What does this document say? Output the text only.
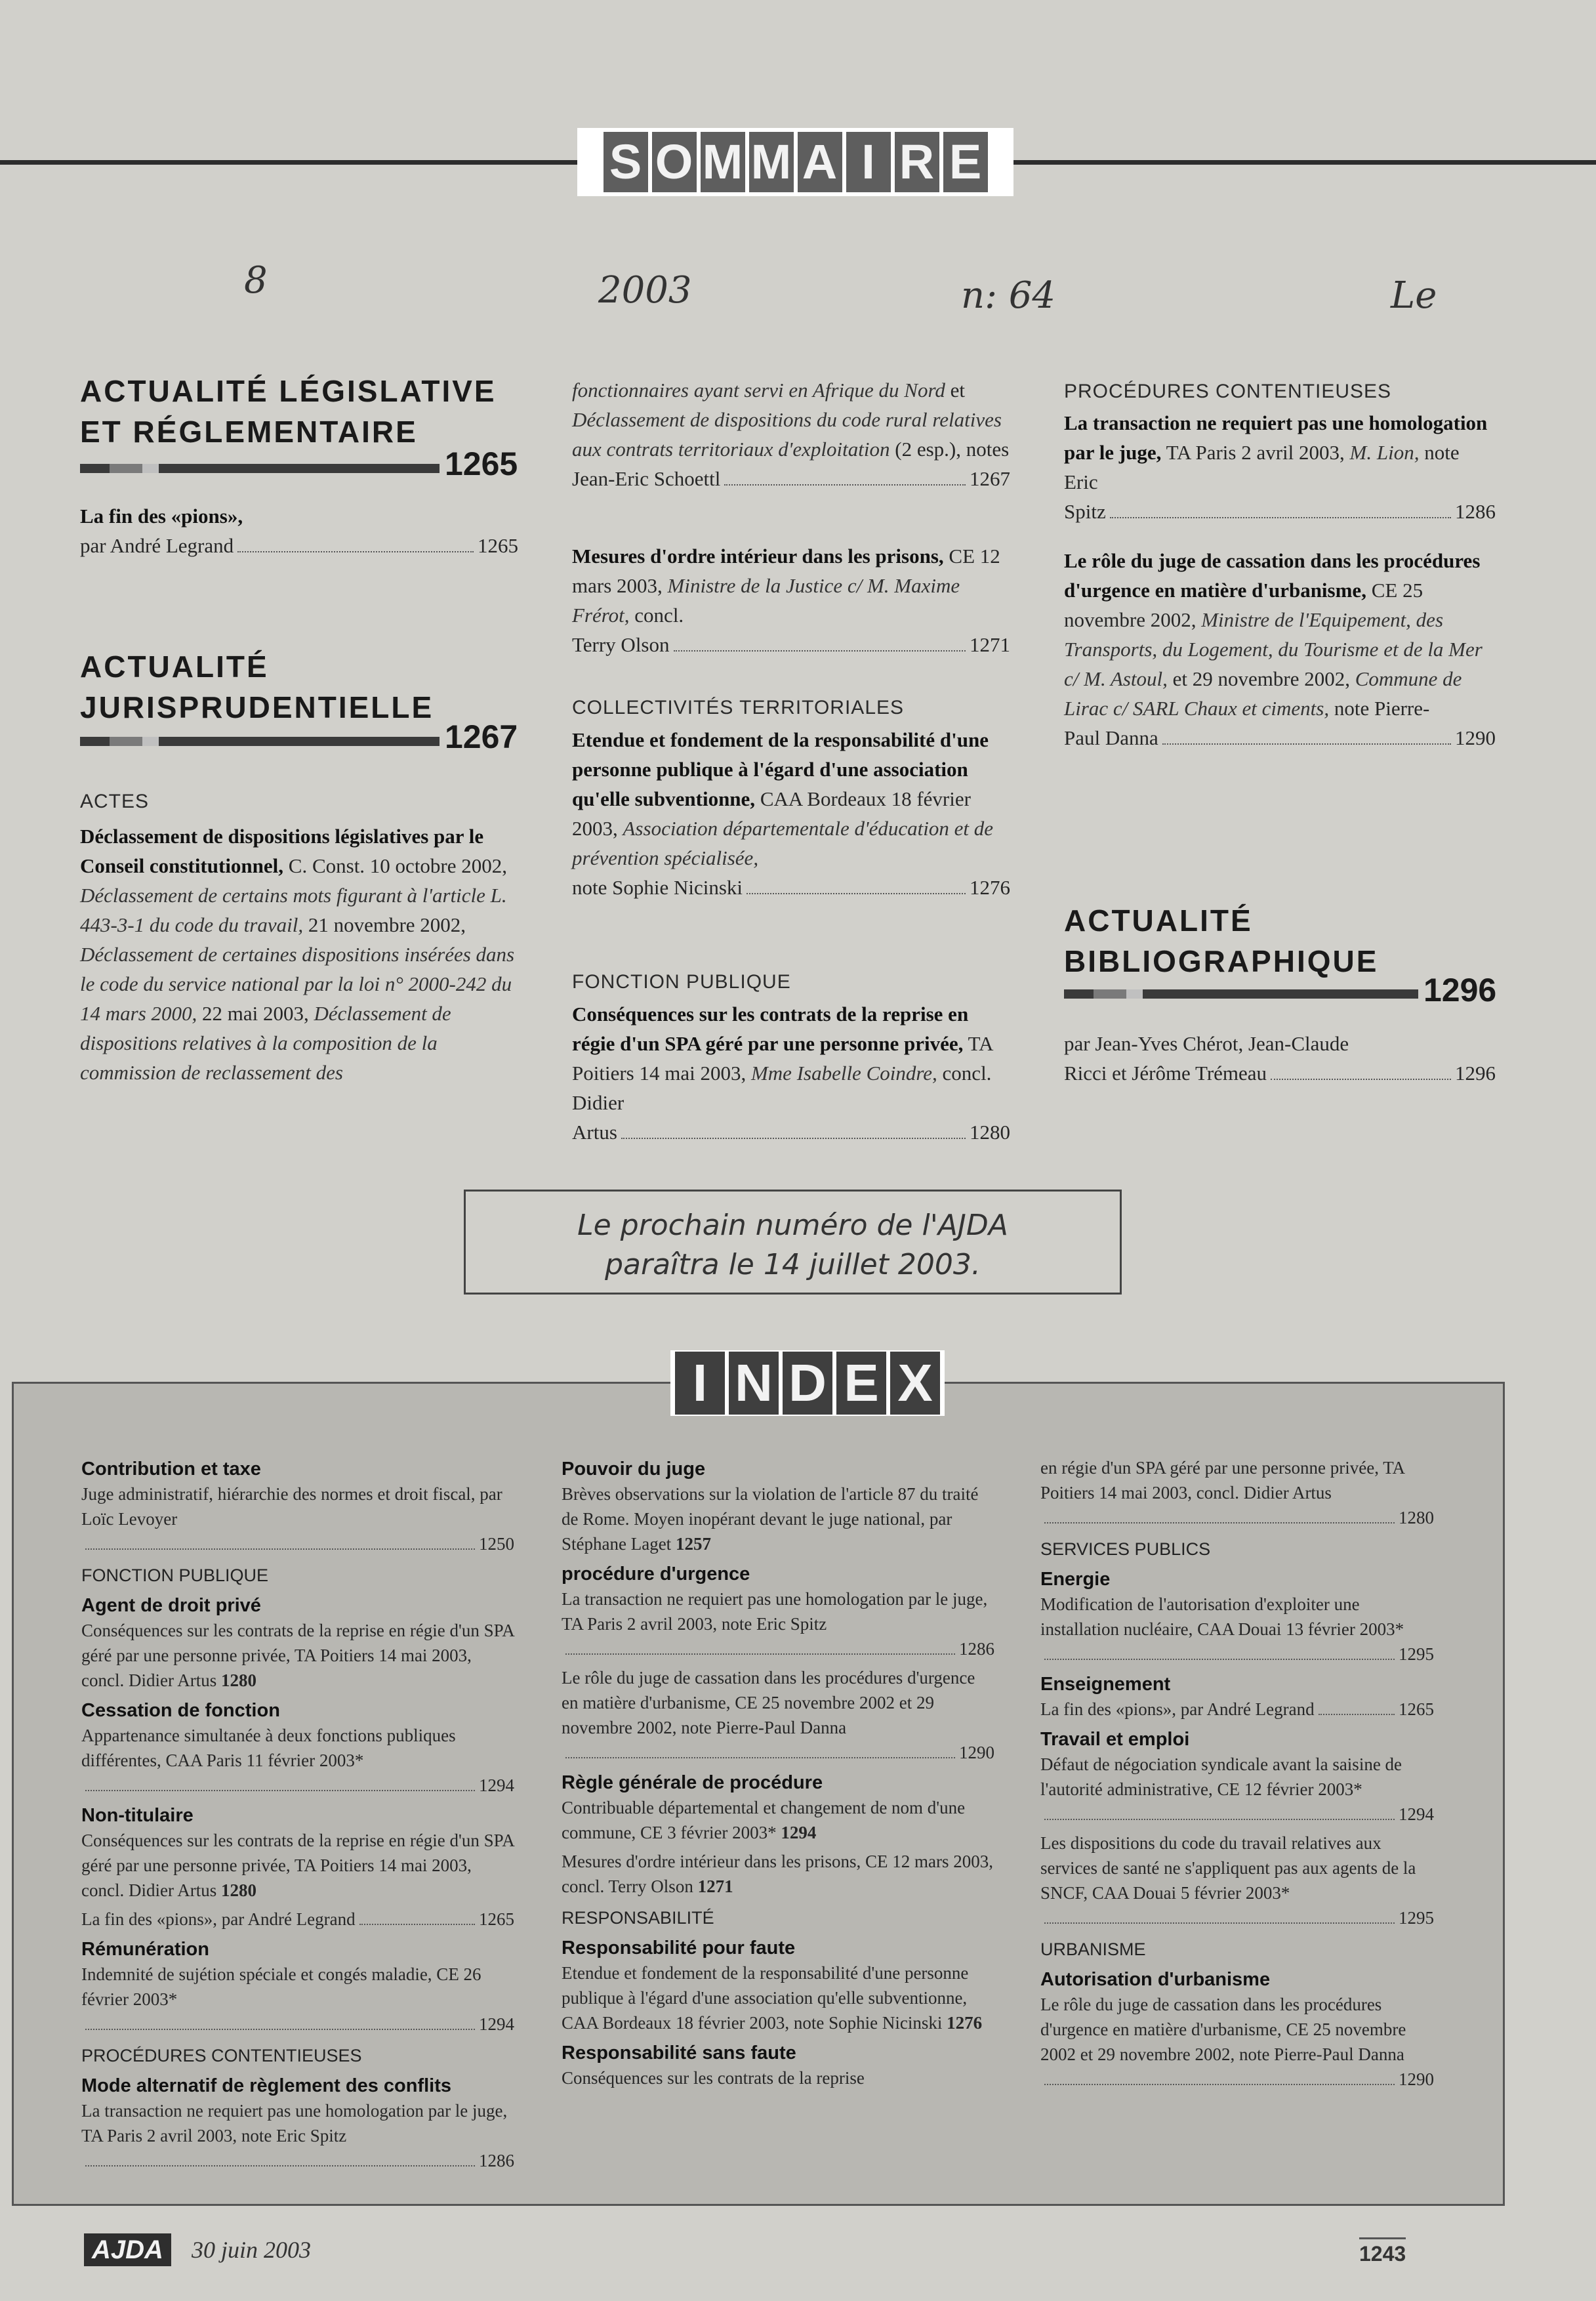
S O M M A I R E
8	2003	n: 64	Le
ACTUALITÉ LÉGISLATIVE
ET RÉGLEMENTAIRE
1265
La fin des «pions»,
par André Legrand	1265
ACTUALITÉ
JURISPRUDENTIELLE
1267
ACTES
Déclassement de dispositions législatives par le Conseil constitutionnel, C. Const. 10 octobre 2002, Déclassement de certains mots figurant à l'article L. 443-3-1 du code du travail, 21 novembre 2002, Déclassement de certaines dispositions insérées dans le code du service national par la loi n° 2000-242 du 14 mars 2000, 22 mai 2003, Déclassement de dispositions relatives à la composition de la commission de reclassement des
fonctionnaires ayant servi en Afrique du Nord et Déclassement de dispositions du code rural relatives aux contrats territoriaux d'exploitation (2 esp.), notes
Jean-Eric Schoettl	1267
Mesures d'ordre intérieur dans les prisons, CE 12 mars 2003, Ministre de la Justice c/ M. Maxime Frérot, concl.
Terry Olson	1271
COLLECTIVITÉS TERRITORIALES
Etendue et fondement de la responsabilité d'une personne publique à l'égard d'une association qu'elle subventionne, CAA Bordeaux 18 février 2003, Association départementale d'éducation et de prévention spécialisée,
note Sophie Nicinski	1276
FONCTION PUBLIQUE
Conséquences sur les contrats de la reprise en régie d'un SPA géré par une personne privée, TA Poitiers 14 mai 2003, Mme Isabelle Coindre, concl. Didier
Artus	1280
PROCÉDURES CONTENTIEUSES
La transaction ne requiert pas une homologation par le juge, TA Paris 2 avril 2003, M. Lion, note Eric
Spitz	1286
Le rôle du juge de cassation dans les procédures d'urgence en matière d'urbanisme, CE 25 novembre 2002, Ministre de l'Equipement, des Transports, du Logement, du Tourisme et de la Mer c/ M. Astoul, et 29 novembre 2002, Commune de Lirac c/ SARL Chaux et ciments, note Pierre-
Paul Danna	1290
ACTUALITÉ
BIBLIOGRAPHIQUE
1296
par Jean-Yves Chérot, Jean-Claude
Ricci et Jérôme Trémeau	1296
Le prochain numéro de l'AJDA
paraîtra le 14 juillet 2003.
I N D E X
Contribution et taxe
Juge administratif, hiérarchie des normes et droit fiscal, par Loïc Levoyer
1250
FONCTION PUBLIQUE
Agent de droit privé
Conséquences sur les contrats de la reprise en régie d'un SPA géré par une personne privée, TA Poitiers 14 mai 2003, concl. Didier Artus 1280
Cessation de fonction
Appartenance simultanée à deux fonctions publiques différentes, CAA Paris 11 février 2003*
1294
Non-titulaire
Conséquences sur les contrats de la reprise en régie d'un SPA géré par une personne privée, TA Poitiers 14 mai 2003, concl. Didier Artus 1280
La fin des «pions», par André Legrand	1265
Rémunération
Indemnité de sujétion spéciale et congés maladie, CE 26 février 2003*
1294
PROCÉDURES CONTENTIEUSES
Mode alternatif de règlement des conflits
La transaction ne requiert pas une homologation par le juge, TA Paris 2 avril 2003, note Eric Spitz
1286
Pouvoir du juge
Brèves observations sur la violation de l'article 87 du traité de Rome. Moyen inopérant devant le juge national, par Stéphane Laget 1257
procédure d'urgence
La transaction ne requiert pas une homologation par le juge, TA Paris 2 avril 2003, note Eric Spitz
1286
Le rôle du juge de cassation dans les procédures d'urgence en matière d'urbanisme, CE 25 novembre 2002 et 29 novembre 2002, note Pierre-Paul Danna
1290
Règle générale de procédure
Contribuable départemental et changement de nom d'une commune, CE 3 février 2003* 1294
Mesures d'ordre intérieur dans les prisons, CE 12 mars 2003, concl. Terry Olson 1271
RESPONSABILITÉ
Responsabilité pour faute
Etendue et fondement de la responsabilité d'une personne publique à l'égard d'une association qu'elle subventionne, CAA Bordeaux 18 février 2003, note Sophie Nicinski 1276
Responsabilité sans faute
Conséquences sur les contrats de la reprise
en régie d'un SPA géré par une personne privée, TA Poitiers 14 mai 2003, concl. Didier Artus
1280
SERVICES PUBLICS
Energie
Modification de l'autorisation d'exploiter une installation nucléaire, CAA Douai 13 février 2003*
1295
Enseignement
La fin des «pions», par André Legrand	1265
Travail et emploi
Défaut de négociation syndicale avant la saisine de l'autorité administrative, CE 12 février 2003*
1294
Les dispositions du code du travail relatives aux services de santé ne s'appliquent pas aux agents de la SNCF, CAA Douai 5 février 2003*
1295
URBANISME
Autorisation d'urbanisme
Le rôle du juge de cassation dans les procédures d'urgence en matière d'urbanisme, CE 25 novembre 2002 et 29 novembre 2002, note Pierre-Paul Danna
1290
AJDA	30 juin 2003	1243
